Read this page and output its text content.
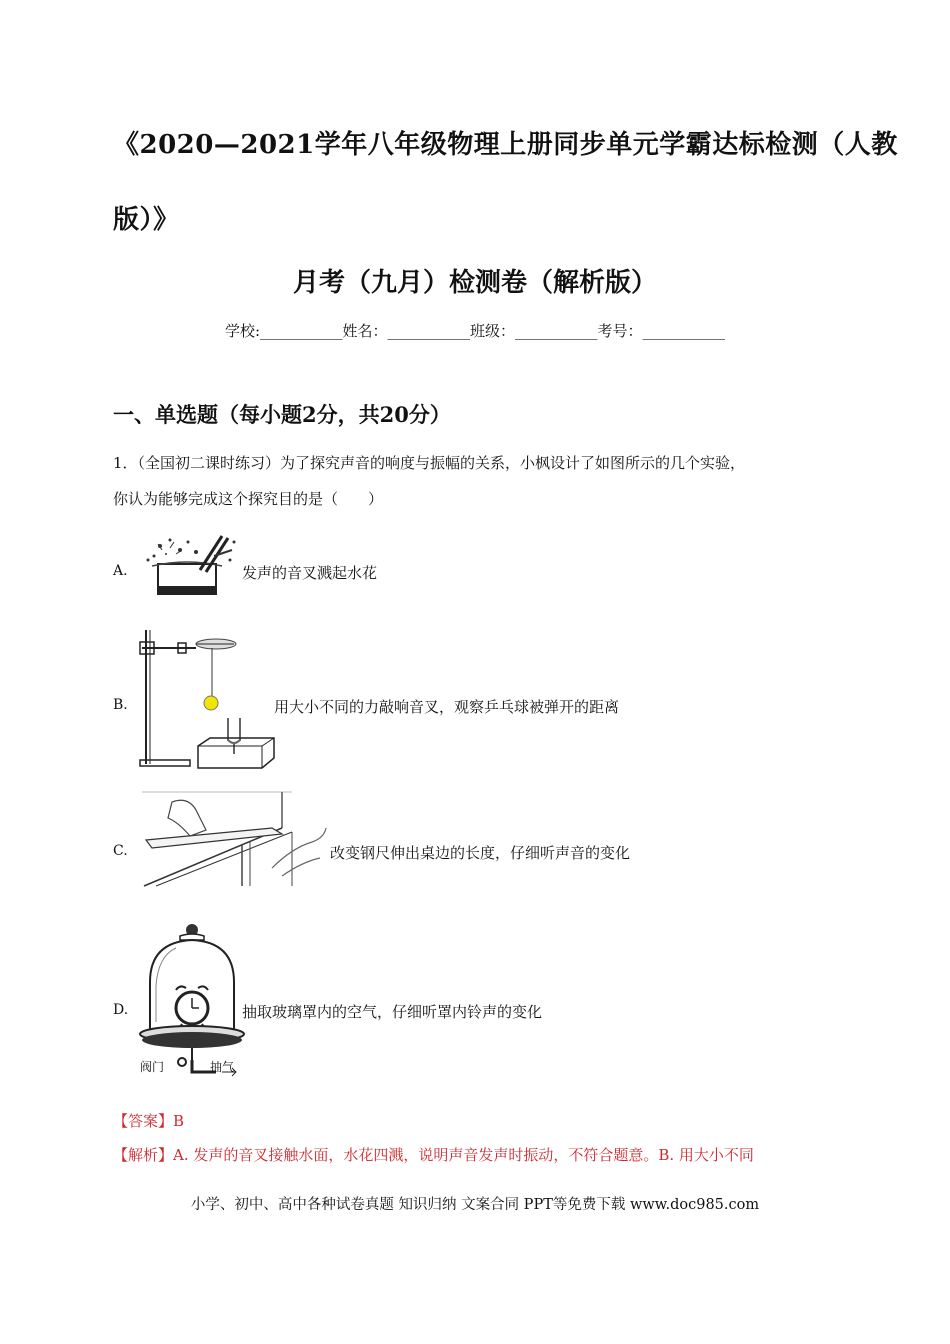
《2020—2021学年八年级物理上册同步单元学霸达标检测（人教
版）》
月考（九月）检测卷（解析版）
学校:___________姓名：___________班级：___________考号：___________
一、单选题（每小题2分，共20分）
1．（全国初二课时练习）为了探究声音的响度与振幅的关系，小枫设计了如图所示的几个实验，
你认为能够完成这个探究目的是（　　）
A.	发声的音叉溅起水花
B.	用大小不同的力敲响音叉，观察乒乓球被弹开的距离
C.	改变钢尺伸出桌边的长度，仔细听声音的变化
D.
阀门	抽气
抽取玻璃罩内的空气，仔细听罩内铃声的变化
【答案】B
【解析】A. 发声的音叉接触水面，水花四溅，说明声音发声时振动，不符合题意。B. 用大小不同
小学、初中、高中各种试卷真题 知识归纳 文案合同 PPT等免费下载 www.doc985.com
